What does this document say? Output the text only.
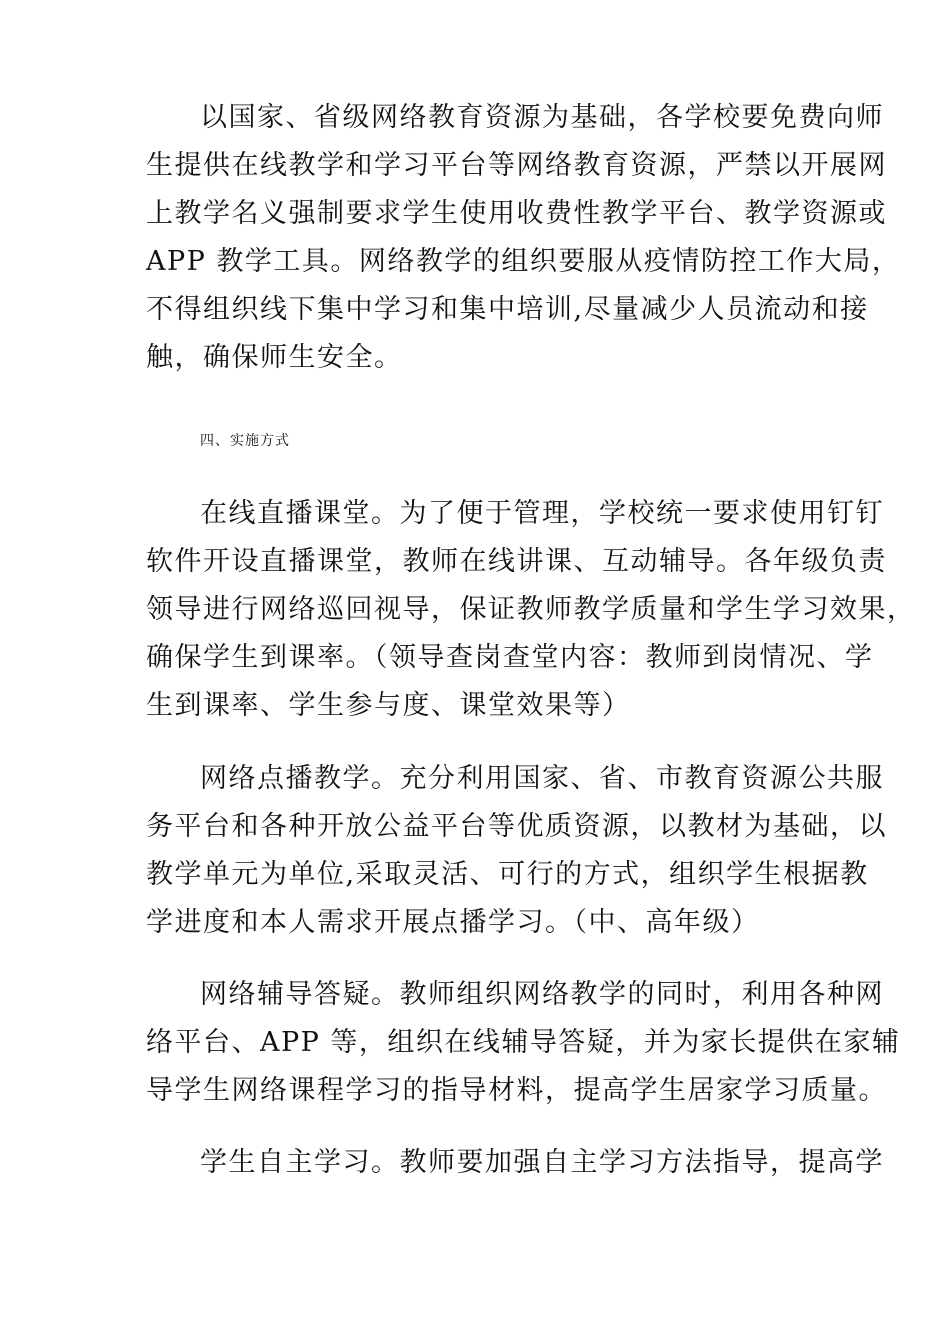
以国家、省级网络教育资源为基础，各学校要免费向师
生提供在线教学和学习平台等网络教育资源，严禁以开展网
上教学名义强制要求学生使用收费性教学平台、教学资源或
APP 教学工具。网络教学的组织要服从疫情防控工作大局，
不得组织线下集中学习和集中培训,尽量减少人员流动和接
触，确保师生安全。
四、实施方式
在线直播课堂。为了便于管理，学校统一要求使用钉钉
软件开设直播课堂，教师在线讲课、互动辅导。各年级负责
领导进行网络巡回视导，保证教师教学质量和学生学习效果，
确保学生到课率。（领导查岗查堂内容：教师到岗情况、学
生到课率、学生参与度、课堂效果等）
网络点播教学。充分利用国家、省、市教育资源公共服
务平台和各种开放公益平台等优质资源，以教材为基础，以
教学单元为单位,采取灵活、可行的方式，组织学生根据教
学进度和本人需求开展点播学习。（中、高年级）
网络辅导答疑。教师组织网络教学的同时，利用各种网
络平台、APP 等，组织在线辅导答疑，并为家长提供在家辅
导学生网络课程学习的指导材料，提高学生居家学习质量。
学生自主学习。教师要加强自主学习方法指导，提高学
